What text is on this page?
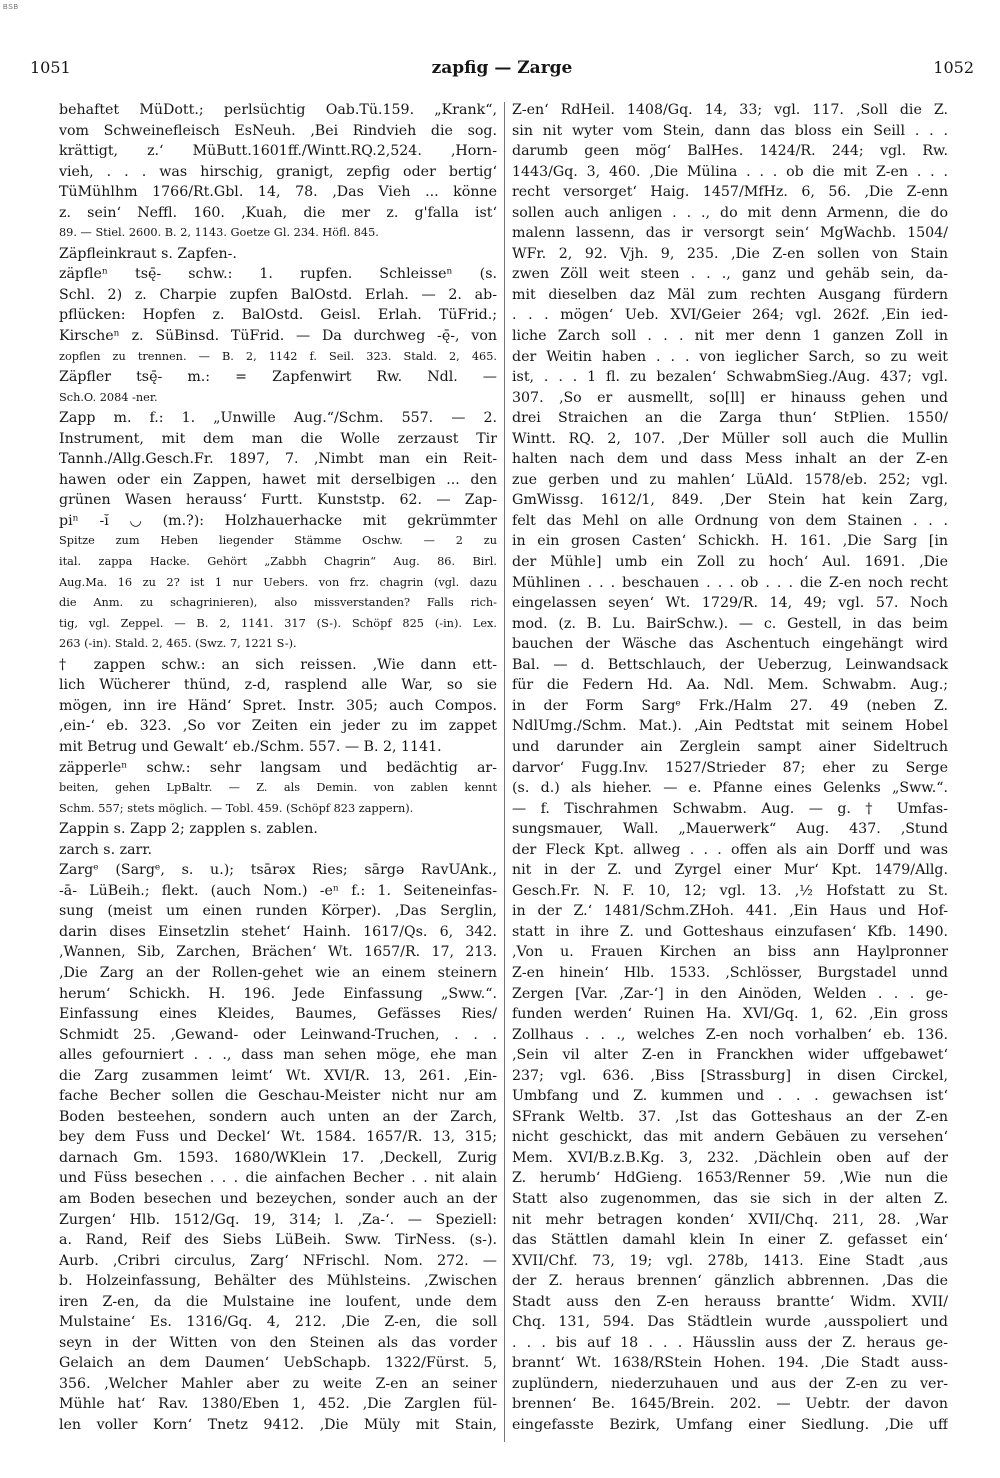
BSB
1051	zapfig — Zarge	1052
behaftet MüDott.; perlsüchtig Oab.Tü.159. „Krank“,
vom Schweinefleisch EsNeuh. ‚Bei Rindvieh die sog.
krättigt, z.‘ MüButt.1601ff./Wintt.RQ.2,524. ‚Horn-
vieh, . . . was hirschig, granigt, zepfig oder bertig‘
TüMühlhm 1766/Rt.Gbl. 14, 78. ‚Das Vieh ... könne
z. sein‘ Neffl. 160. ‚Kuah, die mer z. g'falla ist‘
89. — Stiel. 2600. B. 2, 1143. Goetze Gl. 234. Höfl. 845.
Zäpfleinkraut s. Zapfen-.
zäpfleⁿ tsę̄- schw.: 1. rupfen. Schleisseⁿ (s.
Schl. 2) z. Charpie zupfen BalOstd. Erlah. — 2. ab-
pflücken: Hopfen z. BalOstd. Geisl. Erlah. TüFrid.;
Kirscheⁿ z. SüBinsd. TüFrid. — Da durchweg -ę̄-, von
zopflen zu trennen. — B. 2, 1142 f. Seil. 323. Stald. 2, 465.
Zäpfler tsę̄- m.: = Zapfenwirt Rw. Ndl. —
Sch.O. 2084 -ner.
Zapp m. f.: 1. „Unwille Aug.“/Schm. 557. — 2.
Instrument, mit dem man die Wolle zerzaust Tir
Tannh./Allg.Gesch.Fr. 1897, 7. ‚Nimbt man ein Reit-
hawen oder ein Zappen, hawet mit derselbigen ... den
grünen Wasen herauss‘ Furtt. Kunststp. 62. — Zap-
piⁿ -ĭ ◡ (m.?): Holzhauerhacke mit gekrümmter
Spitze zum Heben liegender Stämme Oschw. — 2 zu
ital. zappa Hacke. Gehört „Zabbh Chagrin“ Aug. 86. Birl.
Aug.Ma. 16 zu 2? ist 1 nur Uebers. von frz. chagrin (vgl. dazu
die Anm. zu schagrinieren), also missverstanden? Falls rich-
tig, vgl. Zeppel. — B. 2, 1141. 317 (S-). Schöpf 825 (-in). Lex.
263 (-in). Stald. 2, 465. (Swz. 7, 1221 S-).
† zappen schw.: an sich reissen. ‚Wie dann ett-
lich Wücherer thünd, z-d, rasplend alle War, so sie
mögen, inn ire Händ‘ Spret. Instr. 305; auch Compos.
‚ein-‘ eb. 323. ‚So vor Zeiten ein jeder zu im zappet
mit Betrug und Gewalt‘ eb./Schm. 557. — B. 2, 1141.
zäpperleⁿ schw.: sehr langsam und bedächtig ar-
beiten, gehen LpBaltr. — Z. als Demin. von zablen kennt
Schm. 557; stets möglich. — Tobl. 459. (Schöpf 823 zappern).
Zappin s. Zapp 2; zapplen s. zablen.
zarch s. zarr.
Zargᵉ (Sargᵉ, s. u.); tsārəx Ries; sārgə RavUAnk.,
-ā- LüBeih.; flekt. (auch Nom.) -eⁿ f.: 1. Seiteneinfas-
sung (meist um einen runden Körper). ‚Das Serglin,
darin dises Einsetzlin stehet‘ Hainh. 1617/Qs. 6, 342.
‚Wannen, Sib, Zarchen, Brächen‘ Wt. 1657/R. 17, 213.
‚Die Zarg an der Rollen-gehet wie an einem steinern
herum‘ Schickh. H. 196. Jede Einfassung „Sww.“.
Einfassung eines Kleides, Baumes, Gefässes Ries/
Schmidt 25. ‚Gewand- oder Leinwand-Truchen, . . .
alles gefourniert . . ., dass man sehen möge, ehe man
die Zarg zusammen leimt‘ Wt. XVI/R. 13, 261. ‚Ein-
fache Becher sollen die Geschau-Meister nicht nur am
Boden besteehen, sondern auch unten an der Zarch,
bey dem Fuss und Deckel‘ Wt. 1584. 1657/R. 13, 315;
darnach Gm. 1593. 1680/WKlein 17. ‚Deckell, Zurig
und Füss besechen . . . die ainfachen Becher . . nit alain
am Boden besechen und bezeychen, sonder auch an der
Zurgen‘ Hlb. 1512/Gq. 19, 314; l. ‚Za-‘. — Speziell:
a. Rand, Reif des Siebs LüBeih. Sww. TirNess. (s-).
Aurb. ‚Cribri circulus, Zarg‘ NFrischl. Nom. 272. —
b. Holzeinfassung, Behälter des Mühlsteins. ‚Zwischen
iren Z-en, da die Mulstaine ine loufent, unde dem
Mulstaine‘ Es. 1316/Gq. 4, 212. ‚Die Z-en, die soll
seyn in der Witten von den Steinen als das vorder
Gelaich an dem Daumen‘ UebSchapb. 1322/Fürst. 5,
356. ‚Welcher Mahler aber zu weite Z-en an seiner
Mühle hat‘ Rav. 1380/Eben 1, 452. ‚Die Zarglen fül-
len voller Korn‘ Tnetz 9412. ‚Die Müly mit Stain,
Z-en‘ RdHeil. 1408/Gq. 14, 33; vgl. 117. ‚Soll die Z.
sin nit wyter vom Stein, dann das bloss ein Seill . . .
darumb geen mög‘ BalHes. 1424/R. 244; vgl. Rw.
1443/Gq. 3, 460. ‚Die Mülina . . . ob die mit Z-en . . .
recht versorget‘ Haig. 1457/MfHz. 6, 56. ‚Die Z-enn
sollen auch anligen . . ., do mit denn Armenn, die do
malenn lassenn, das ir versorgt sein‘ MgWachb. 1504/
WFr. 2, 92. Vjh. 9, 235. ‚Die Z-en sollen von Stain
zwen Zöll weit steen . . ., ganz und gehäb sein, da-
mit dieselben daz Mäl zum rechten Ausgang fürdern
. . . mögen‘ Ueb. XVI/Geier 264; vgl. 262f. ‚Ein ied-
liche Zarch soll . . . nit mer denn 1 ganzen Zoll in
der Weitin haben . . . von ieglicher Sarch, so zu weit
ist, . . . 1 fl. zu bezalen‘ SchwabmSieg./Aug. 437; vgl.
307. ‚So er ausmellt, so[ll] er hinauss gehen und
drei Straichen an die Zarga thun‘ StPlien. 1550/
Wintt. RQ. 2, 107. ‚Der Müller soll auch die Mullin
halten nach dem und dass Mess inhalt an der Z-en
zue gerben und zu mahlen‘ LüAld. 1578/eb. 252; vgl.
GmWissg. 1612/1, 849. ‚Der Stein hat kein Zarg,
felt das Mehl on alle Ordnung von dem Stainen . . .
in ein grosen Casten‘ Schickh. H. 161. ‚Die Sarg [in
der Mühle] umb ein Zoll zu hoch‘ Aul. 1691. ‚Die
Mühlinen . . . beschauen . . . ob . . . die Z-en noch recht
eingelassen seyen‘ Wt. 1729/R. 14, 49; vgl. 57. Noch
mod. (z. B. Lu. BairSchw.). — c. Gestell, in das beim
bauchen der Wäsche das Aschentuch eingehängt wird
Bal. — d. Bettschlauch, der Ueberzug, Leinwandsack
für die Federn Hd. Aa. Ndl. Mem. Schwabm. Aug.;
in der Form Sargᵉ Frk./Halm 27. 49 (neben Z.
NdlUmg./Schm. Mat.). ‚Ain Pedtstat mit seinem Hobel
und darunder ain Zerglein sampt ainer Sideltruch
darvor‘ Fugg.Inv. 1527/Strieder 87; eher zu Serge
(s. d.) als hieher. — e. Pfanne eines Gelenks „Sww.“.
— f. Tischrahmen Schwabm. Aug. — g. † Umfas-
sungsmauer, Wall. „Mauerwerk“ Aug. 437. ‚Stund
der Fleck Kpt. allweg . . . offen als ain Dorff und was
nit in der Z. und Zyrgel einer Mur‘ Kpt. 1479/Allg.
Gesch.Fr. N. F. 10, 12; vgl. 13. ‚½ Hofstatt zu St.
in der Z.‘ 1481/Schm.ZHoh. 441. ‚Ein Haus und Hof-
statt in ihre Z. und Gotteshaus einzufasen‘ Kfb. 1490.
‚Von u. Frauen Kirchen an biss ann Haylpronner
Z-en hinein‘ Hlb. 1533. ‚Schlösser, Burgstadel unnd
Zergen [Var. ‚Zar-‘] in den Ainöden, Welden . . . ge-
funden werden‘ Ruinen Ha. XVI/Gq. 1, 62. ‚Ein gross
Zollhaus . . ., welches Z-en noch vorhalben‘ eb. 136.
‚Sein vil alter Z-en in Franckhen wider uffgebawet‘
237; vgl. 636. ‚Biss [Strassburg] in disen Circkel,
Umbfang und Z. kummen und . . . gewachsen ist‘
SFrank Weltb. 37. ‚Ist das Gotteshaus an der Z-en
nicht geschickt, das mit andern Gebäuen zu versehen‘
Mem. XVI/B.z.B.Kg. 3, 232. ‚Dächlein oben auf der
Z. herumb‘ HdGieng. 1653/Renner 59. ‚Wie nun die
Statt also zugenommen, das sie sich in der alten Z.
nit mehr betragen konden‘ XVII/Chq. 211, 28. ‚War
das Stättlen damahl klein In einer Z. gefasset ein‘
XVII/Chf. 73, 19; vgl. 278b, 1413. Eine Stadt ‚aus
der Z. heraus brennen‘ gänzlich abbrennen. ‚Das die
Stadt auss den Z-en herauss brantte‘ Widm. XVII/
Chq. 131, 594. Das Städtlein wurde ‚ausspoliert und
. . . bis auf 18 . . . Häusslin auss der Z. heraus ge-
brannt‘ Wt. 1638/RStein Hohen. 194. ‚Die Stadt auss-
zuplündern, niederzuhauen und aus der Z-en zu ver-
brennen‘ Be. 1645/Brein. 202. — Uebtr. der davon
eingefasste Bezirk, Umfang einer Siedlung. ‚Die uff
